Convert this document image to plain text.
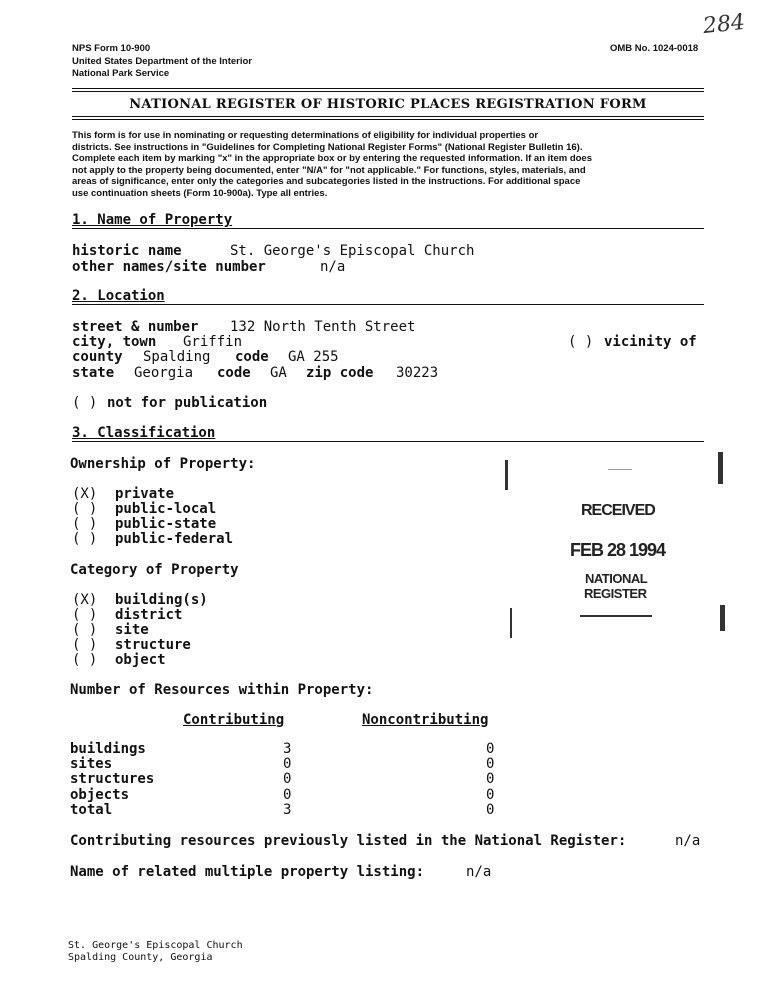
NPS Form 10-900
United States Department of the Interior
National Park Service
OMB No. 1024-0018
284
NATIONAL REGISTER OF HISTORIC PLACES REGISTRATION FORM
This form is for use in nominating or requesting determinations of eligibility for individual properties or
districts. See instructions in "Guidelines for Completing National Register Forms" (National Register Bulletin 16).
Complete each item by marking "x" in the appropriate box or by entering the requested information. If an item does
not apply to the property being documented, enter "N/A" for "not applicable." For functions, styles, materials, and
areas of significance, enter only the categories and subcategories listed in the instructions. For additional space
use continuation sheets (Form 10-900a). Type all entries.
1. Name of Property
historic name	St. George's Episcopal Church
other names/site number	n/a
2. Location
street & number 132 North Tenth Street
city, town Griffin	( ) vicinity of
county Spalding code GA 255
state Georgia code GA zip code 30223
( ) not for publication
3. Classification
Ownership of Property:
(X) private
( ) public-local
( ) public-state
( ) public-federal
Category of Property
(X) building(s)
( ) district
( ) site
( ) structure
( ) object
Number of Resources within Property:
Contributing	Noncontributing
buildings	3	0
sites	0	0
structures	0	0
objects	0	0
total	3	0
Contributing resources previously listed in the National Register:	n/a
Name of related multiple property listing:	n/a
RECEIVED
FEB 28 1994
NATIONAL
REGISTER
St. George's Episcopal Church
Spalding County, Georgia
